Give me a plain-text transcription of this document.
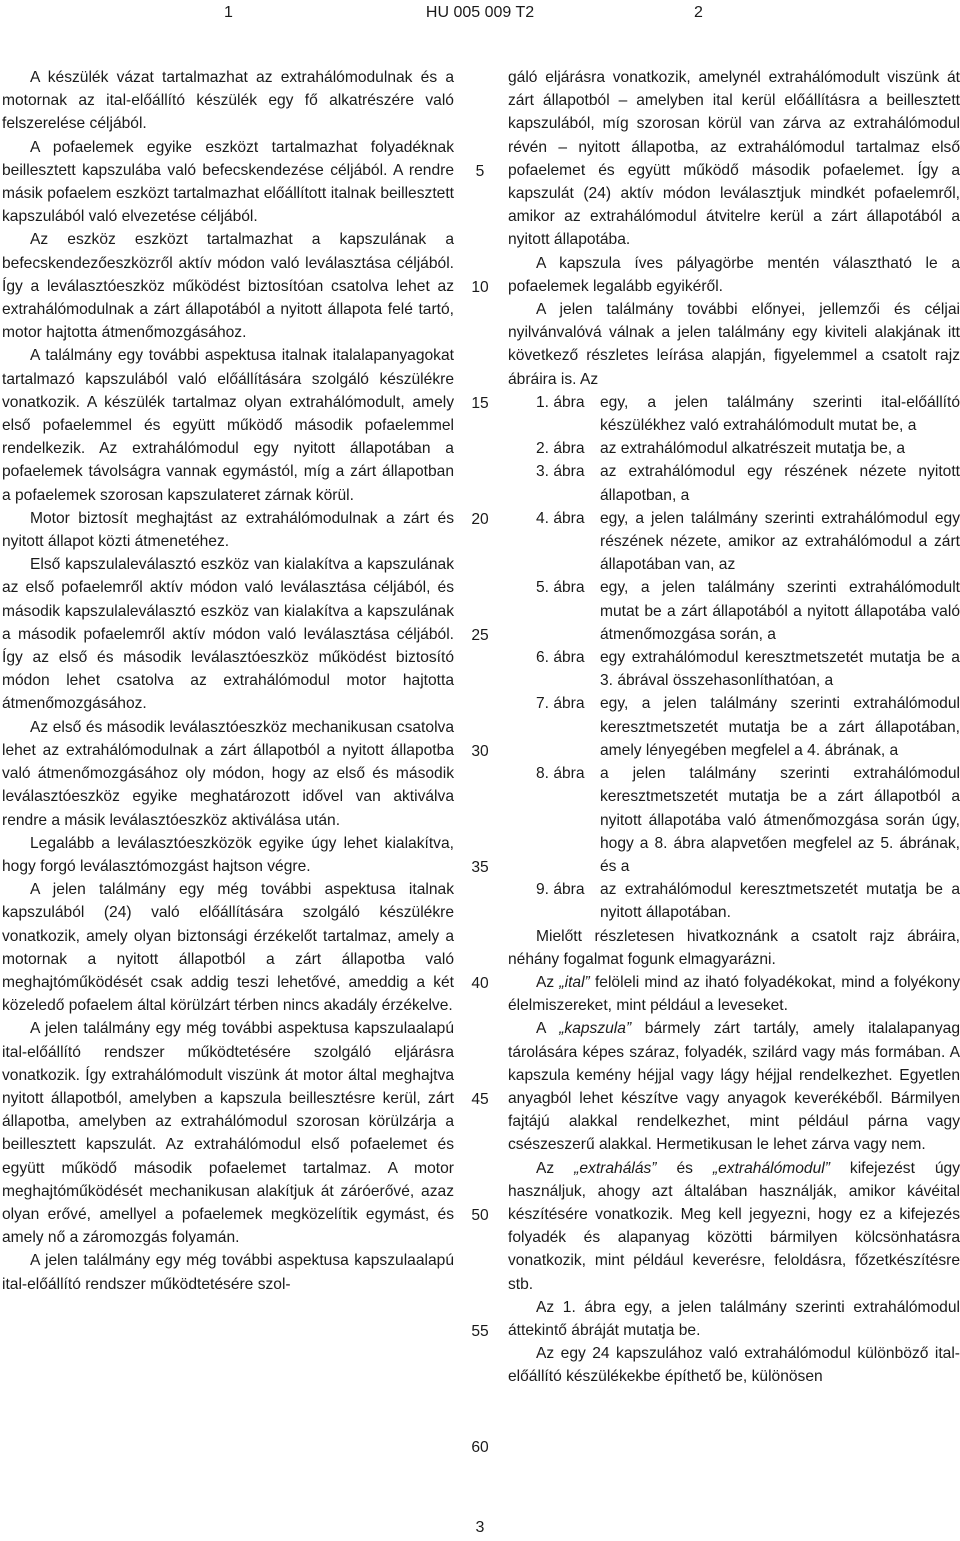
1	HU 005 009 T2	2

A készülék vázat tartalmazhat az extrahálómodulnak és a motornak az ital-előállító készülék egy fő alkatrészére való felszerelése céljából.

A pofaelemek egyike eszközt tartalmazhat folyadéknak beillesztett kapszulába való befecskendezése céljából. A rendre másik pofaelem eszközt tartalmazhat előállított italnak beillesztett kapszulából való elvezetése céljából.

Az eszköz eszközt tartalmazhat a kapszulának a befecskendezőeszközről aktív módon való leválasztása céljából. Így a leválasztóeszköz működést biztosítóan csatolva lehet az extrahálómodulnak a zárt állapotából a nyitott állapota felé tartó, motor hajtotta átmenőmozgásához.

A találmány egy további aspektusa italnak italalapanyagokat tartalmazó kapszulából való előállítására szolgáló készülékre vonatkozik. A készülék tartalmaz olyan extrahálómodult, amely első pofaelemmel és együtt működő második pofaelemmel rendelkezik. Az extrahálómodul egy nyitott állapotában a pofaelemek távolságra vannak egymástól, míg a zárt állapotban a pofaelemek szorosan kapszulateret zárnak körül.

Motor biztosít meghajtást az extrahálómodulnak a zárt és nyitott állapot közti átmenetéhez.

Első kapszulaleválasztó eszköz van kialakítva a kapszulának az első pofaelemről aktív módon való leválasztása céljából, és második kapszulaleválasztó eszköz van kialakítva a kapszulának a második pofaelemről aktív módon való leválasztása céljából. Így az első és második leválasztóeszköz működést biztosító módon lehet csatolva az extrahálómodul motor hajtotta átmenőmozgásához.

Az első és második leválasztóeszköz mechanikusan csatolva lehet az extrahálómodulnak a zárt állapotból a nyitott állapotba való átmenőmozgásához oly módon, hogy az első és második leválasztóeszköz egyike meghatározott idővel van aktiválva rendre a másik leválasztóeszköz aktiválása után.

Legalább a leválasztóeszközök egyike úgy lehet kialakítva, hogy forgó leválasztómozgást hajtson végre.

A jelen találmány egy még további aspektusa italnak kapszulából (24) való előállítására szolgáló készülékre vonatkozik, amely olyan biztonsági érzékelőt tartalmaz, amely a motornak a nyitott állapotból a zárt állapotba való meghajtóműködését csak addig teszi lehetővé, ameddig a két közeledő pofaelem által körülzárt térben nincs akadály érzékelve.

A jelen találmány egy még további aspektusa kapszulaalapú ital-előállító rendszer működtetésére szolgáló eljárásra vonatkozik. Így extrahálómodult viszünk át motor által meghajtva nyitott állapotból, amelyben a kapszula beillesztésre kerül, zárt állapotba, amelyben az extrahálómodul szorosan körülzárja a beillesztett kapszulát. Az extrahálómodul első pofaelemet és együtt működő második pofaelemet tartalmaz. A motor meghajtóműködését mechanikusan alakítjuk át záróerővé, azaz olyan erővé, amellyel a pofaelemek megközelítik egymást, és amely nő a záromozgás folyamán.

A jelen találmány egy még további aspektusa kapszulaalapú ital-előállító rendszer működtetésére szol-

5
10
15
20
25
30
35
40
45
50
55
60

gáló eljárásra vonatkozik, amelynél extrahálómodult viszünk át zárt állapotból – amelyben ital kerül előállításra a beillesztett kapszulából, míg szorosan körül van zárva az extrahálómodul révén – nyitott állapotba, az extrahálómodul tartalmaz első pofaelemet és együtt működő második pofaelemet. Így a kapszulát (24) aktív módon leválasztjuk mindkét pofaelemről, amikor az extrahálómodul átvitelre kerül a zárt állapotából a nyitott állapotába.

A kapszula íves pályagörbe mentén választható le a pofaelemek legalább egyikéről.

A jelen találmány további előnyei, jellemzői és céljai nyilvánvalóvá válnak a jelen találmány egy kiviteli alakjának itt következő részletes leírása alapján, figyelemmel a csatolt rajz ábráira is. Az

1. ábra egy, a jelen találmány szerinti ital-előállító készülékhez való extrahálómodult mutat be, a
2. ábra az extrahálómodul alkatrészeit mutatja be, a
3. ábra az extrahálómodul egy részének nézete nyitott állapotban, a
4. ábra egy, a jelen találmány szerinti extrahálómodul egy részének nézete, amikor az extrahálómodul a zárt állapotában van, az
5. ábra egy, a jelen találmány szerinti extrahálómodult mutat be a zárt állapotából a nyitott állapotába való átmenőmozgása során, a
6. ábra egy extrahálómodul keresztmetszetét mutatja be a 3. ábrával összehasonlíthatóan, a
7. ábra egy, a jelen találmány szerinti extrahálómodul keresztmetszetét mutatja be a zárt állapotában, amely lényegében megfelel a 4. ábrának, a
8. ábra a jelen találmány szerinti extrahálómodul keresztmetszetét mutatja be a zárt állapotból a nyitott állapotába való átmenőmozgása során úgy, hogy a 8. ábra alapvetően megfelel az 5. ábrának, és a
9. ábra az extrahálómodul keresztmetszetét mutatja be a nyitott állapotában.

Mielőtt részletesen hivatkoznánk a csatolt rajz ábráira, néhány fogalmat fogunk elmagyarázni.

Az „ital” felöleli mind az iható folyadékokat, mind a folyékony élelmiszereket, mint például a leveseket.

A „kapszula” bármely zárt tartály, amely italalapanyag tárolására képes száraz, folyadék, szilárd vagy más formában. A kapszula kemény héjjal vagy lágy héjjal rendelkezhet. Egyetlen anyagból lehet készítve vagy anyagok keverékéből. Bármilyen fajtájú alakkal rendelkezhet, mint például párna vagy csészeszerű alakkal. Hermetikusan le lehet zárva vagy nem.

Az „extrahálás” és „extrahálómodul” kifejezést úgy használjuk, ahogy azt általában használják, amikor kávéital készítésére vonatkozik. Meg kell jegyezni, hogy ez a kifejezés folyadék és alapanyag közötti bármilyen kölcsönhatásra vonatkozik, mint például keverésre, feloldásra, főzetkészítésre stb.

Az 1. ábra egy, a jelen találmány szerinti extrahálómodul áttekintő ábráját mutatja be.

Az egy 24 kapszulához való extrahálómodul különböző ital-előállító készülékekbe építhető be, különösen

3
